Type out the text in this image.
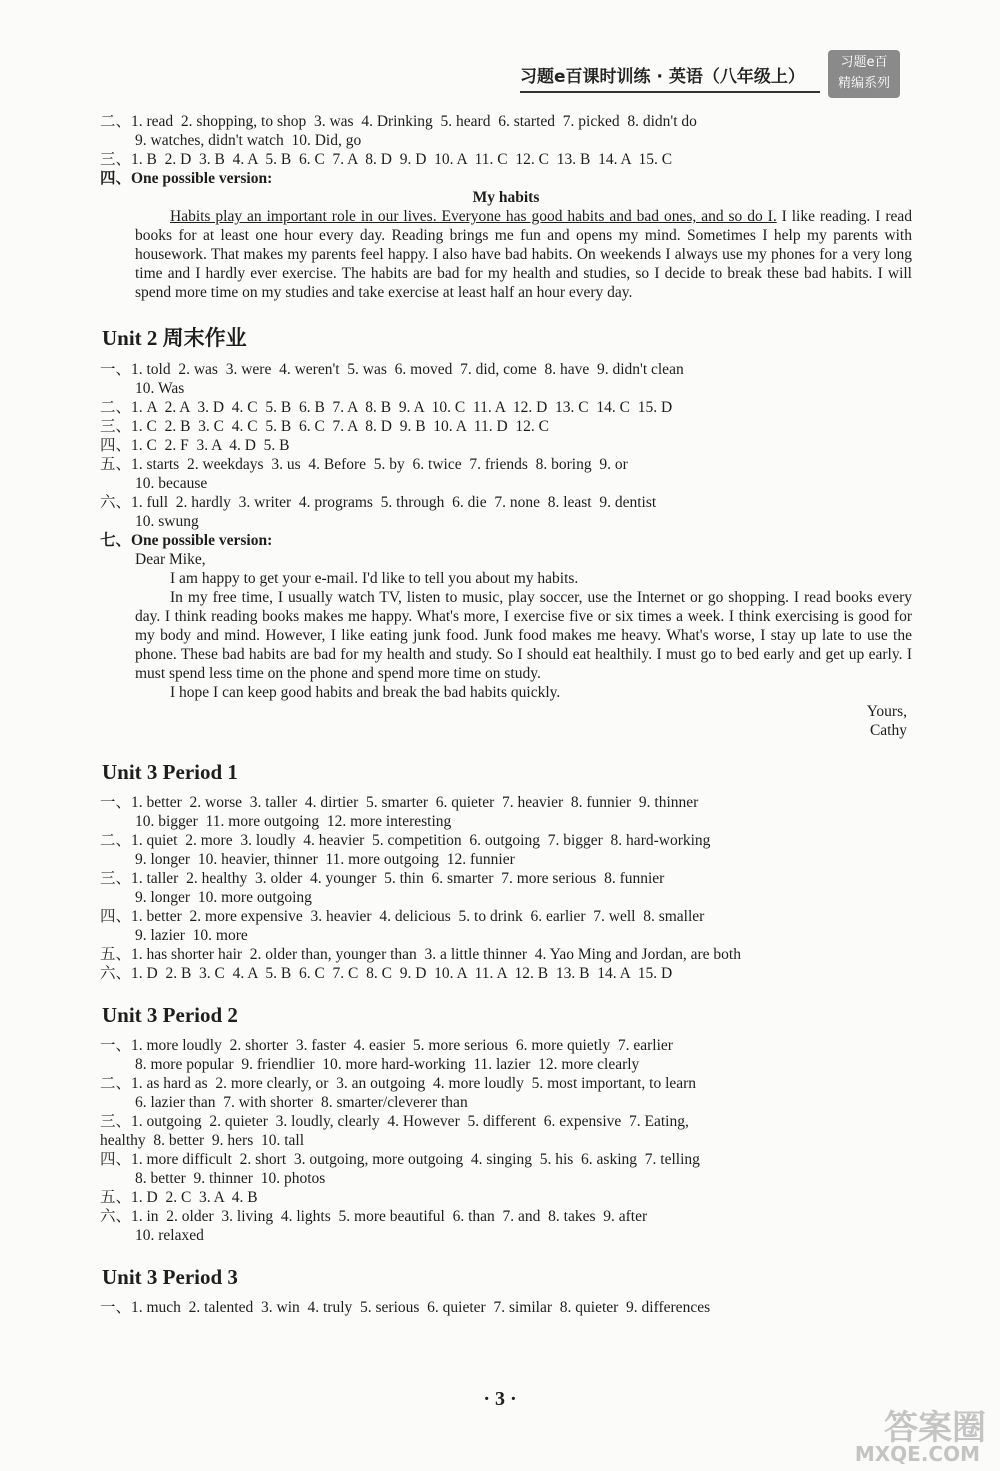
习题e百课时训练 · 英语（八年级上）
习题e百
精编系列
二、1. read  2. shopping, to shop  3. was  4. Drinking  5. heard  6. started  7. picked  8. didn't do
9. watches, didn't watch  10. Did, go
三、1. B  2. D  3. B  4. A  5. B  6. C  7. A  8. D  9. D  10. A  11. C  12. C  13. B  14. A  15. C
四、One possible version:
My habits
Habits play an important role in our lives. Everyone has good habits and bad ones, and so do I. I like reading. I read books for at least one hour every day. Reading brings me fun and opens my mind. Sometimes I help my parents with housework. That makes my parents feel happy. I also have bad habits. On weekends I always use my phones for a very long time and I hardly ever exercise. The habits are bad for my health and studies, so I decide to break these bad habits. I will spend more time on my studies and take exercise at least half an hour every day.
Unit 2 周末作业
一、1. told  2. was  3. were  4. weren't  5. was  6. moved  7. did, come  8. have  9. didn't clean
10. Was
二、1. A  2. A  3. D  4. C  5. B  6. B  7. A  8. B  9. A  10. C  11. A  12. D  13. C  14. C  15. D
三、1. C  2. B  3. C  4. C  5. B  6. C  7. A  8. D  9. B  10. A  11. D  12. C
四、1. C  2. F  3. A  4. D  5. B
五、1. starts  2. weekdays  3. us  4. Before  5. by  6. twice  7. friends  8. boring  9. or
10. because
六、1. full  2. hardly  3. writer  4. programs  5. through  6. die  7. none  8. least  9. dentist
10. swung
七、One possible version:
Dear Mike,
I am happy to get your e-mail. I'd like to tell you about my habits.
In my free time, I usually watch TV, listen to music, play soccer, use the Internet or go shopping. I read books every day. I think reading books makes me happy. What's more, I exercise five or six times a week. I think exercising is good for my body and mind. However, I like eating junk food. Junk food makes me heavy. What's worse, I stay up late to use the phone. These bad habits are bad for my health and study. So I should eat healthily. I must go to bed early and get up early. I must spend less time on the phone and spend more time on study.
I hope I can keep good habits and break the bad habits quickly.
Yours,
Cathy
Unit 3 Period 1
一、1. better  2. worse  3. taller  4. dirtier  5. smarter  6. quieter  7. heavier  8. funnier  9. thinner
10. bigger  11. more outgoing  12. more interesting
二、1. quiet  2. more  3. loudly  4. heavier  5. competition  6. outgoing  7. bigger  8. hard-working
9. longer  10. heavier, thinner  11. more outgoing  12. funnier
三、1. taller  2. healthy  3. older  4. younger  5. thin  6. smarter  7. more serious  8. funnier
9. longer  10. more outgoing
四、1. better  2. more expensive  3. heavier  4. delicious  5. to drink  6. earlier  7. well  8. smaller
9. lazier  10. more
五、1. has shorter hair  2. older than, younger than  3. a little thinner  4. Yao Ming and Jordan, are both
六、1. D  2. B  3. C  4. A  5. B  6. C  7. C  8. C  9. D  10. A  11. A  12. B  13. B  14. A  15. D
Unit 3 Period 2
一、1. more loudly  2. shorter  3. faster  4. easier  5. more serious  6. more quietly  7. earlier
8. more popular  9. friendlier  10. more hard-working  11. lazier  12. more clearly
二、1. as hard as  2. more clearly, or  3. an outgoing  4. more loudly  5. most important, to learn
6. lazier than  7. with shorter  8. smarter/cleverer than
三、1. outgoing  2. quieter  3. loudly, clearly  4. However  5. different  6. expensive  7. Eating,
healthy  8. better  9. hers  10. tall
四、1. more difficult  2. short  3. outgoing, more outgoing  4. singing  5. his  6. asking  7. telling
8. better  9. thinner  10. photos
五、1. D  2. C  3. A  4. B
六、1. in  2. older  3. living  4. lights  5. more beautiful  6. than  7. and  8. takes  9. after
10. relaxed
Unit 3 Period 3
一、1. much  2. talented  3. win  4. truly  5. serious  6. quieter  7. similar  8. quieter  9. differences
· 3 ·
答案圈
MXQE.COM
